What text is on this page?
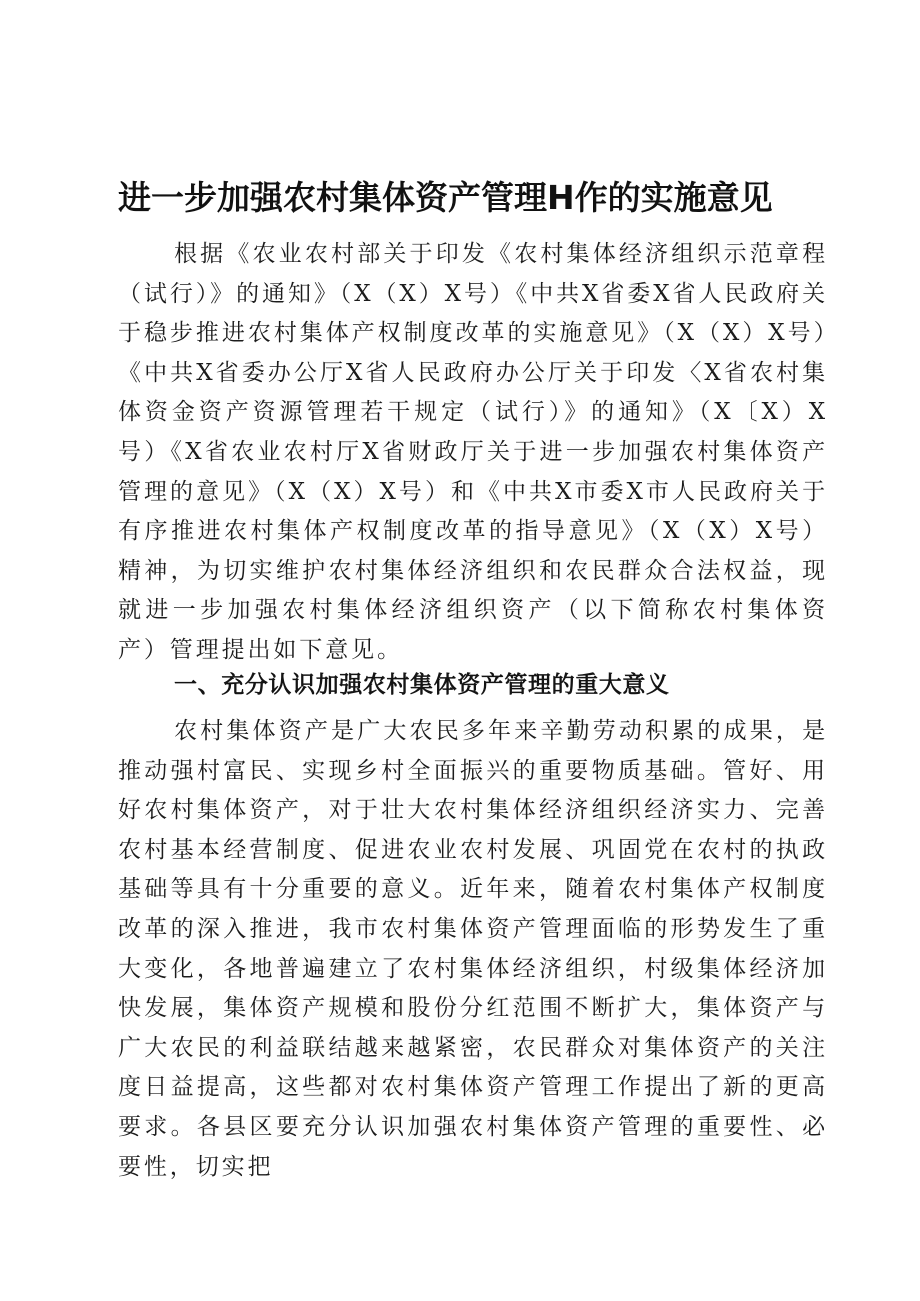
进一步加强农村集体资产管理H作的实施意见

根据《农业农村部关于印发《农村集体经济组织示范章程（试行）》的通知》（X（X）X号）《中共X省委X省人民政府关于稳步推进农村集体产权制度改革的实施意见》（X（X）X号）《中共X省委办公厅X省人民政府办公厅关于印发〈X省农村集体资金资产资源管理若干规定（试行）》的通知》（X〔X）X号）《X省农业农村厅X省财政厅关于进一步加强农村集体资产管理的意见》（X（X）X号）和《中共X市委X市人民政府关于有序推进农村集体产权制度改革的指导意见》（X（X）X号）精神，为切实维护农村集体经济组织和农民群众合法权益，现就进一步加强农村集体经济组织资产（以下简称农村集体资产）管理提出如下意见。

一、充分认识加强农村集体资产管理的重大意义

农村集体资产是广大农民多年来辛勤劳动积累的成果，是推动强村富民、实现乡村全面振兴的重要物质基础。管好、用好农村集体资产，对于壮大农村集体经济组织经济实力、完善农村基本经营制度、促进农业农村发展、巩固党在农村的执政基础等具有十分重要的意义。近年来，随着农村集体产权制度改革的深入推进，我市农村集体资产管理面临的形势发生了重大变化，各地普遍建立了农村集体经济组织，村级集体经济加快发展，集体资产规模和股份分红范围不断扩大，集体资产与广大农民的利益联结越来越紧密，农民群众对集体资产的关注度日益提高，这些都对农村集体资产管理工作提出了新的更高要求。各县区要充分认识加强农村集体资产管理的重要性、必要性，切实把
